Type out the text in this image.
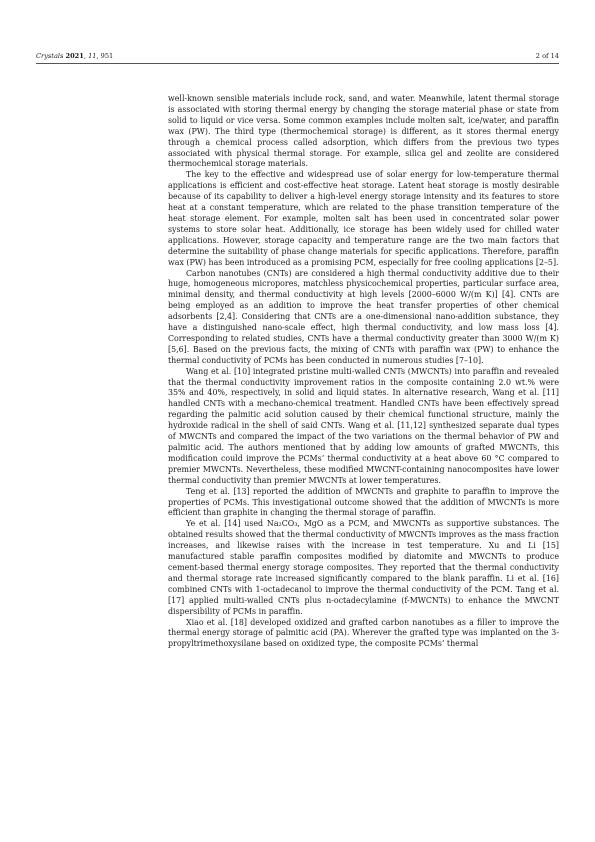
Crystals 2021, 11, 951	2 of 14

well-known sensible materials include rock, sand, and water. Meanwhile, latent thermal storage is associated with storing thermal energy by changing the storage material phase or state from solid to liquid or vice versa. Some common examples include molten salt, ice/water, and paraffin wax (PW). The third type (thermochemical storage) is different, as it stores thermal energy through a chemical process called adsorption, which differs from the previous two types associated with physical thermal storage. For example, silica gel and zeolite are considered thermochemical storage materials.

The key to the effective and widespread use of solar energy for low-temperature thermal applications is efficient and cost-effective heat storage. Latent heat storage is mostly desirable because of its capability to deliver a high-level energy storage intensity and its features to store heat at a constant temperature, which are related to the phase transition temperature of the heat storage element. For example, molten salt has been used in concentrated solar power systems to store solar heat. Additionally, ice storage has been widely used for chilled water applications. However, storage capacity and temperature range are the two main factors that determine the suitability of phase change materials for specific applications. Therefore, paraffin wax (PW) has been introduced as a promising PCM, especially for free cooling applications [2–5].

Carbon nanotubes (CNTs) are considered a high thermal conductivity additive due to their huge, homogeneous micropores, matchless physicochemical properties, particular surface area, minimal density, and thermal conductivity at high levels [2000–6000 W/(m K)] [4]. CNTs are being employed as an addition to improve the heat transfer properties of other chemical adsorbents [2,4]. Considering that CNTs are a one-dimensional nano-addition substance, they have a distinguished nano-scale effect, high thermal conductivity, and low mass loss [4]. Corresponding to related studies, CNTs have a thermal conductivity greater than 3000 W/(m K) [5,6]. Based on the previous facts, the mixing of CNTs with paraffin wax (PW) to enhance the thermal conductivity of PCMs has been conducted in numerous studies [7–10].

Wang et al. [10] integrated pristine multi-walled CNTs (MWCNTs) into paraffin and revealed that the thermal conductivity improvement ratios in the composite containing 2.0 wt.% were 35% and 40%, respectively, in solid and liquid states. In alternative research, Wang et al. [11] handled CNTs with a mechano-chemical treatment. Handled CNTs have been effectively spread regarding the palmitic acid solution caused by their chemical functional structure, mainly the hydroxide radical in the shell of said CNTs. Wang et al. [11,12] synthesized separate dual types of MWCNTs and compared the impact of the two variations on the thermal behavior of PW and palmitic acid. The authors mentioned that by adding low amounts of grafted MWCNTs, this modification could improve the PCMs’ thermal conductivity at a heat above 60 °C compared to premier MWCNTs. Nevertheless, these modified MWCNT-containing nanocomposites have lower thermal conductivity than premier MWCNTs at lower temperatures.

Teng et al. [13] reported the addition of MWCNTs and graphite to paraffin to improve the properties of PCMs. This investigational outcome showed that the addition of MWCNTs is more efficient than graphite in changing the thermal storage of paraffin.

Ye et al. [14] used Na₂CO₃, MgO as a PCM, and MWCNTs as supportive substances. The obtained results showed that the thermal conductivity of MWCNTs improves as the mass fraction increases, and likewise raises with the increase in test temperature. Xu and Li [15] manufactured stable paraffin composites modified by diatomite and MWCNTs to produce cement-based thermal energy storage composites. They reported that the thermal conductivity and thermal storage rate increased significantly compared to the blank paraffin. Li et al. [16] combined CNTs with 1-octadecanol to improve the thermal conductivity of the PCM. Tang et al. [17] applied multi-walled CNTs plus n-octadecylamine (f-MWCNTs) to enhance the MWCNT dispersibility of PCMs in paraffin.

Xiao et al. [18] developed oxidized and grafted carbon nanotubes as a filler to improve the thermal energy storage of palmitic acid (PA). Wherever the grafted type was implanted on the 3-propyltrimethoxysilane based on oxidized type, the composite PCMs’ thermal
